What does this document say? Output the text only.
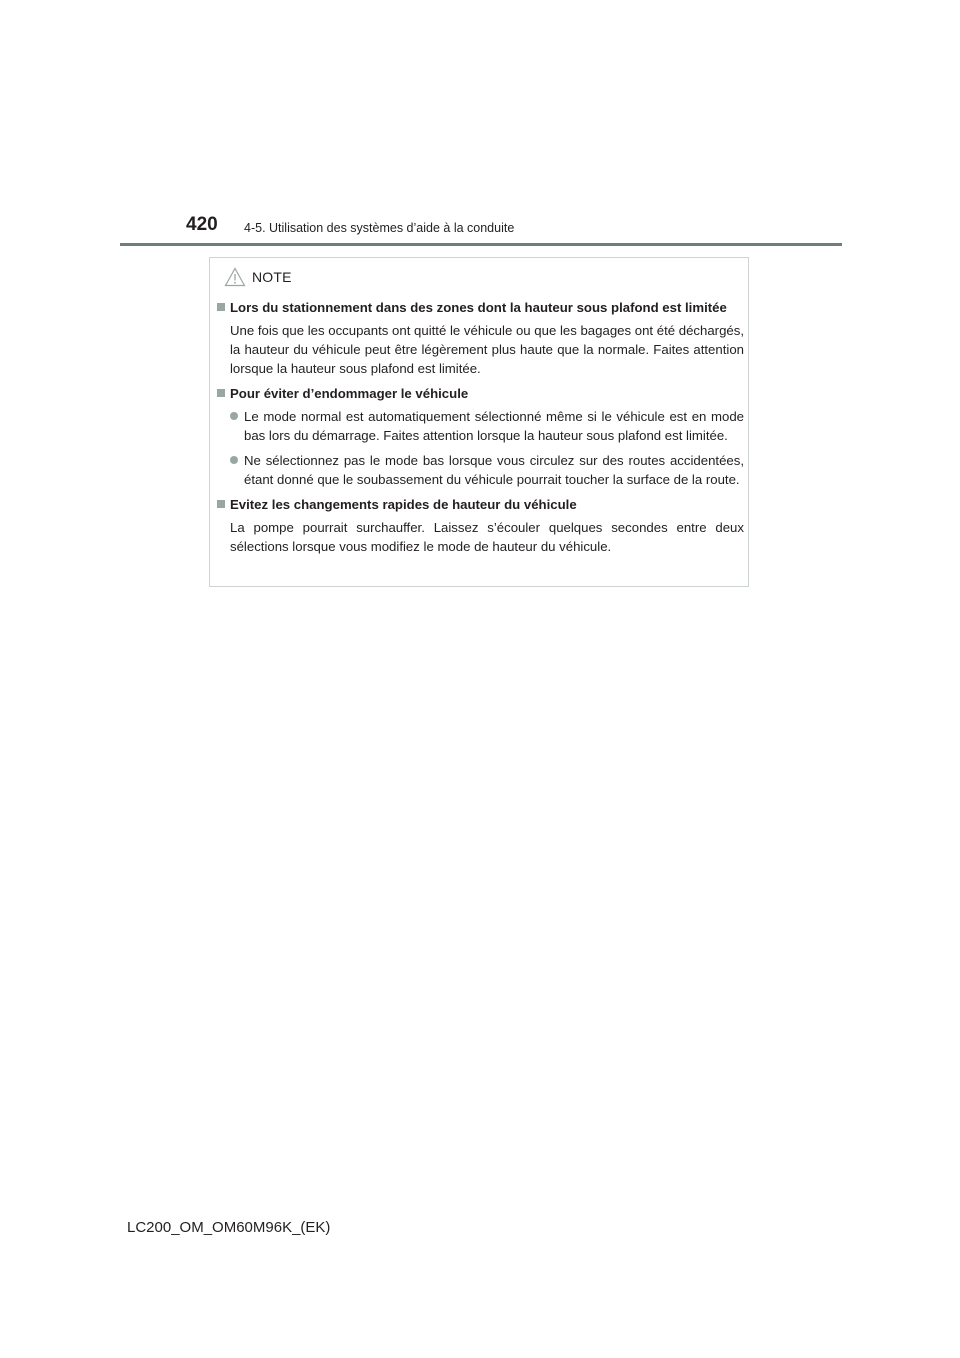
420 4-5. Utilisation des systèmes d’aide à la conduite
NOTE
Lors du stationnement dans des zones dont la hauteur sous plafond est limitée
Une fois que les occupants ont quitté le véhicule ou que les bagages ont été déchargés, la hauteur du véhicule peut être légèrement plus haute que la normale. Faites attention lorsque la hauteur sous plafond est limitée.
Pour éviter d’endommager le véhicule
Le mode normal est automatiquement sélectionné même si le véhicule est en mode bas lors du démarrage. Faites attention lorsque la hauteur sous plafond est limitée.
Ne sélectionnez pas le mode bas lorsque vous circulez sur des routes accidentées, étant donné que le soubassement du véhicule pourrait toucher la surface de la route.
Evitez les changements rapides de hauteur du véhicule
La pompe pourrait surchauffer. Laissez s’écouler quelques secondes entre deux sélections lorsque vous modifiez le mode de hauteur du véhicule.
LC200_OM_OM60M96K_(EK)
